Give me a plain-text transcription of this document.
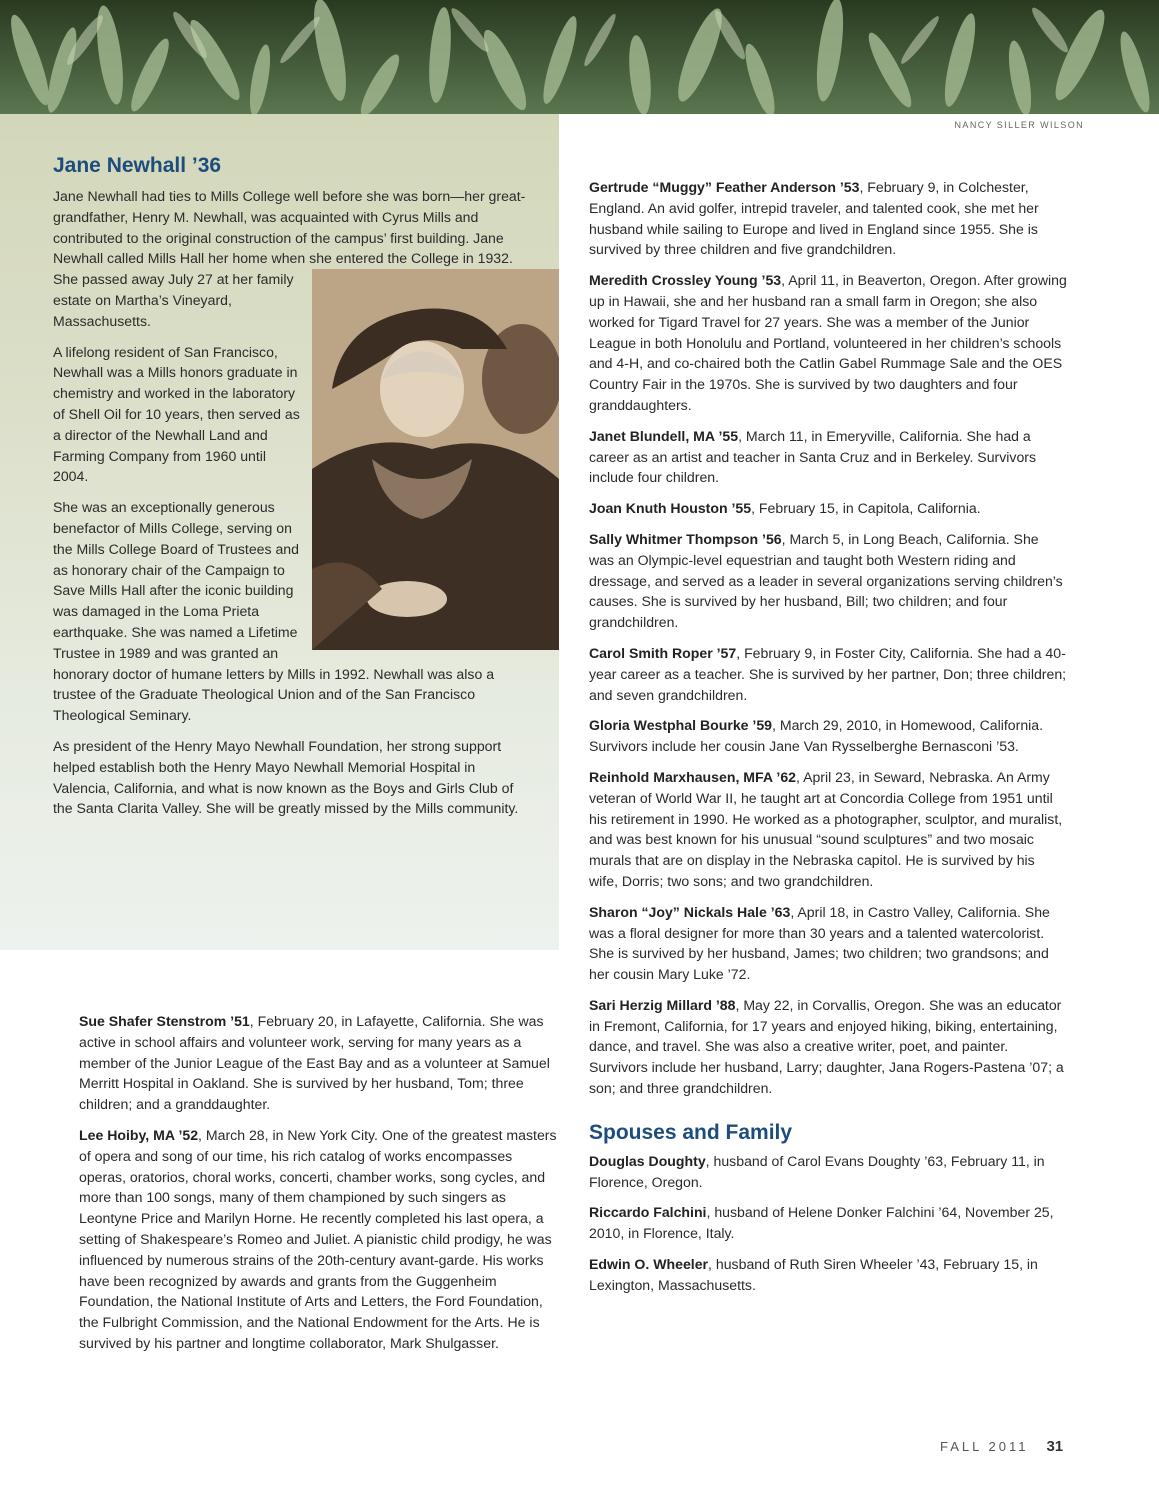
NANCY SILLER WILSON
Jane Newhall ’36

Jane Newhall had ties to Mills College well before she was born—her great-grandfather, Henry M. Newhall, was acquainted with Cyrus Mills and contributed to the original construction of the campus’ first building. Jane Newhall called Mills Hall her home when she entered
the College in 1932. She passed away July 27 at her family estate on Martha’s Vineyard, Massachusetts.

A lifelong resident of San Francisco, Newhall was a Mills honors graduate in chemistry and worked in the laboratory of Shell Oil for 10 years, then served as a director of the Newhall Land and Farming Company from 1960 until 2004.

She was an exceptionally generous benefactor of Mills College, serving on the Mills College Board of Trustees and as honorary chair of the Campaign to Save Mills Hall after the iconic building was damaged in the Loma Prieta earthquake. She was named a Lifetime Trustee in 1989 and was granted an honorary doctor of humane letters by Mills in 1992. Newhall was also a trustee of the Graduate Theological Union and of the San Francisco Theological Seminary.

As president of the Henry Mayo Newhall Foundation, her strong support helped establish both the Henry Mayo Newhall Memorial Hospital in Valencia, California, and what is now known as the Boys and Girls Club of the Santa Clarita Valley. She will be greatly missed by the Mills community.

Sue Shafer Stenstrom ’51, February 20, in Lafayette, California. She was active in school affairs and volunteer work, serving for many years as a member of the Junior League of the East Bay and as a volunteer at Samuel Merritt Hospital in Oakland. She is survived by her husband, Tom; three children; and a granddaughter.

Lee Hoiby, MA ’52, March 28, in New York City. One of the greatest masters of opera and song of our time, his rich catalog of works encompasses operas, oratorios, choral works, concerti, chamber works, song cycles, and more than 100 songs, many of them championed by such singers as Leontyne Price and Marilyn Horne. He recently completed his last opera, a setting of Shakespeare’s Romeo and Juliet. A pianistic child prodigy, he was influenced by numerous strains of the 20th-century avant-garde. His works have been recognized by awards and grants from the Guggenheim Foundation, the National Institute of Arts and Letters, the Ford Foundation, the Fulbright Commission, and the National Endowment for the Arts. He is survived by his partner and longtime collaborator, Mark Shulgasser.

Gertrude “Muggy” Feather Anderson ’53, February 9, in Colchester, England. An avid golfer, intrepid traveler, and talented cook, she met her husband while sailing to Europe and lived in England since 1955. She is survived by three children and five grandchildren.

Meredith Crossley Young ’53, April 11, in Beaverton, Oregon. After growing up in Hawaii, she and her husband ran a small farm in Oregon; she also worked for Tigard Travel for 27 years. She was a member of the Junior League in both Honolulu and Portland, volunteered in her children’s schools and 4-H, and co-chaired both the Catlin Gabel Rummage Sale and the OES Country Fair in the 1970s. She is survived by two daughters and four granddaughters.

Janet Blundell, MA ’55, March 11, in Emeryville, California. She had a career as an artist and teacher in Santa Cruz and in Berkeley. Survivors include four children.

Joan Knuth Houston ’55, February 15, in Capitola, California.

Sally Whitmer Thompson ’56, March 5, in Long Beach, California. She was an Olympic-level equestrian and taught both Western riding and dressage, and served as a leader in several organizations serving children’s causes. She is survived by her husband, Bill; two children; and four grandchildren.

Carol Smith Roper ’57, February 9, in Foster City, California. She had a 40-year career as a teacher. She is survived by her partner, Don; three children; and seven grandchildren.

Gloria Westphal Bourke ’59, March 29, 2010, in Homewood, California. Survivors include her cousin Jane Van Rysselberghe Bernasconi ’53.

Reinhold Marxhausen, MFA ’62, April 23, in Seward, Nebraska. An Army veteran of World War II, he taught art at Concordia College from 1951 until his retirement in 1990. He worked as a photographer, sculptor, and muralist, and was best known for his unusual “sound sculptures” and two mosaic murals that are on display in the Nebraska capitol. He is survived by his wife, Dorris; two sons; and two grandchildren.

Sharon “Joy” Nickals Hale ’63, April 18, in Castro Valley, California. She was a floral designer for more than 30 years and a talented watercolorist. She is survived by her husband, James; two children; two grandsons; and her cousin Mary Luke ’72.

Sari Herzig Millard ’88, May 22, in Corvallis, Oregon. She was an educator in Fremont, California, for 17 years and enjoyed hiking, biking, entertaining, dance, and travel. She was also a creative writer, poet, and painter. Survivors include her husband, Larry; daughter, Jana Rogers-Pastena ’07; a son; and three grandchildren.

Spouses and Family

Douglas Doughty, husband of Carol Evans Doughty ’63, February 11, in Florence, Oregon.

Riccardo Falchini, husband of Helene Donker Falchini ’64, November 25, 2010, in Florence, Italy.

Edwin O. Wheeler, husband of Ruth Siren Wheeler ’43, February 15, in Lexington, Massachusetts.

FALL 2011 31
